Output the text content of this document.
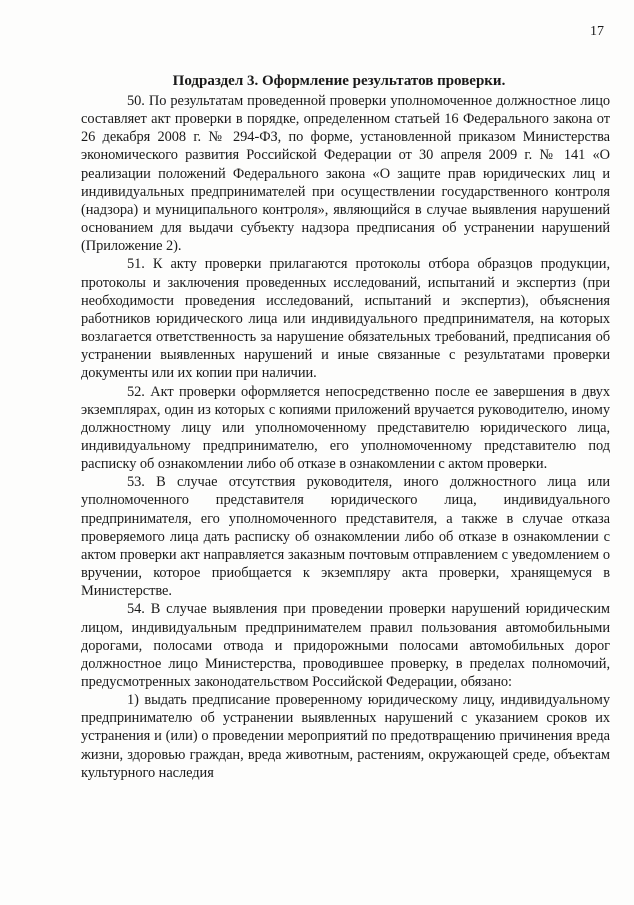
17
Подраздел 3. Оформление результатов проверки.

50. По результатам проведенной проверки уполномоченное должностное лицо составляет акт проверки в порядке, определенном статьей 16 Федерального закона от 26 декабря 2008 г. № 294-ФЗ, по форме, установленной приказом Министерства экономического развития Российской Федерации от 30 апреля 2009 г. № 141 «О реализации положений Федерального закона «О защите прав юридических лиц и индивидуальных предпринимателей при осуществлении государственного контроля (надзора) и муниципального контроля», являющийся в случае выявления нарушений основанием для выдачи субъекту надзора предписания об устранении нарушений (Приложение 2).

51. К акту проверки прилагаются протоколы отбора образцов продукции, протоколы и заключения проведенных исследований, испытаний и экспертиз (при необходимости проведения исследований, испытаний и экспертиз), объяснения работников юридического лица или индивидуального предпринимателя, на которых возлагается ответственность за нарушение обязательных требований, предписания об устранении выявленных нарушений и иные связанные с результатами проверки документы или их копии при наличии.

52. Акт проверки оформляется непосредственно после ее завершения в двух экземплярах, один из которых с копиями приложений вручается руководителю, иному должностному лицу или уполномоченному представителю юридического лица, индивидуальному предпринимателю, его уполномоченному представителю под расписку об ознакомлении либо об отказе в ознакомлении с актом проверки.

53. В случае отсутствия руководителя, иного должностного лица или уполномоченного представителя юридического лица, индивидуального предпринимателя, его уполномоченного представителя, а также в случае отказа проверяемого лица дать расписку об ознакомлении либо об отказе в ознакомлении с актом проверки акт направляется заказным почтовым отправлением с уведомлением о вручении, которое приобщается к экземпляру акта проверки, хранящемуся в Министерстве.

54. В случае выявления при проведении проверки нарушений юридическим лицом, индивидуальным предпринимателем правил пользования автомобильными дорогами, полосами отвода и придорожными полосами автомобильных дорог должностное лицо Министерства, проводившее проверку, в пределах полномочий, предусмотренных законодательством Российской Федерации, обязано:

1) выдать предписание проверенному юридическому лицу, индивидуальному предпринимателю об устранении выявленных нарушений с указанием сроков их устранения и (или) о проведении мероприятий по предотвращению причинения вреда жизни, здоровью граждан, вреда животным, растениям, окружающей среде, объектам культурного наследия
